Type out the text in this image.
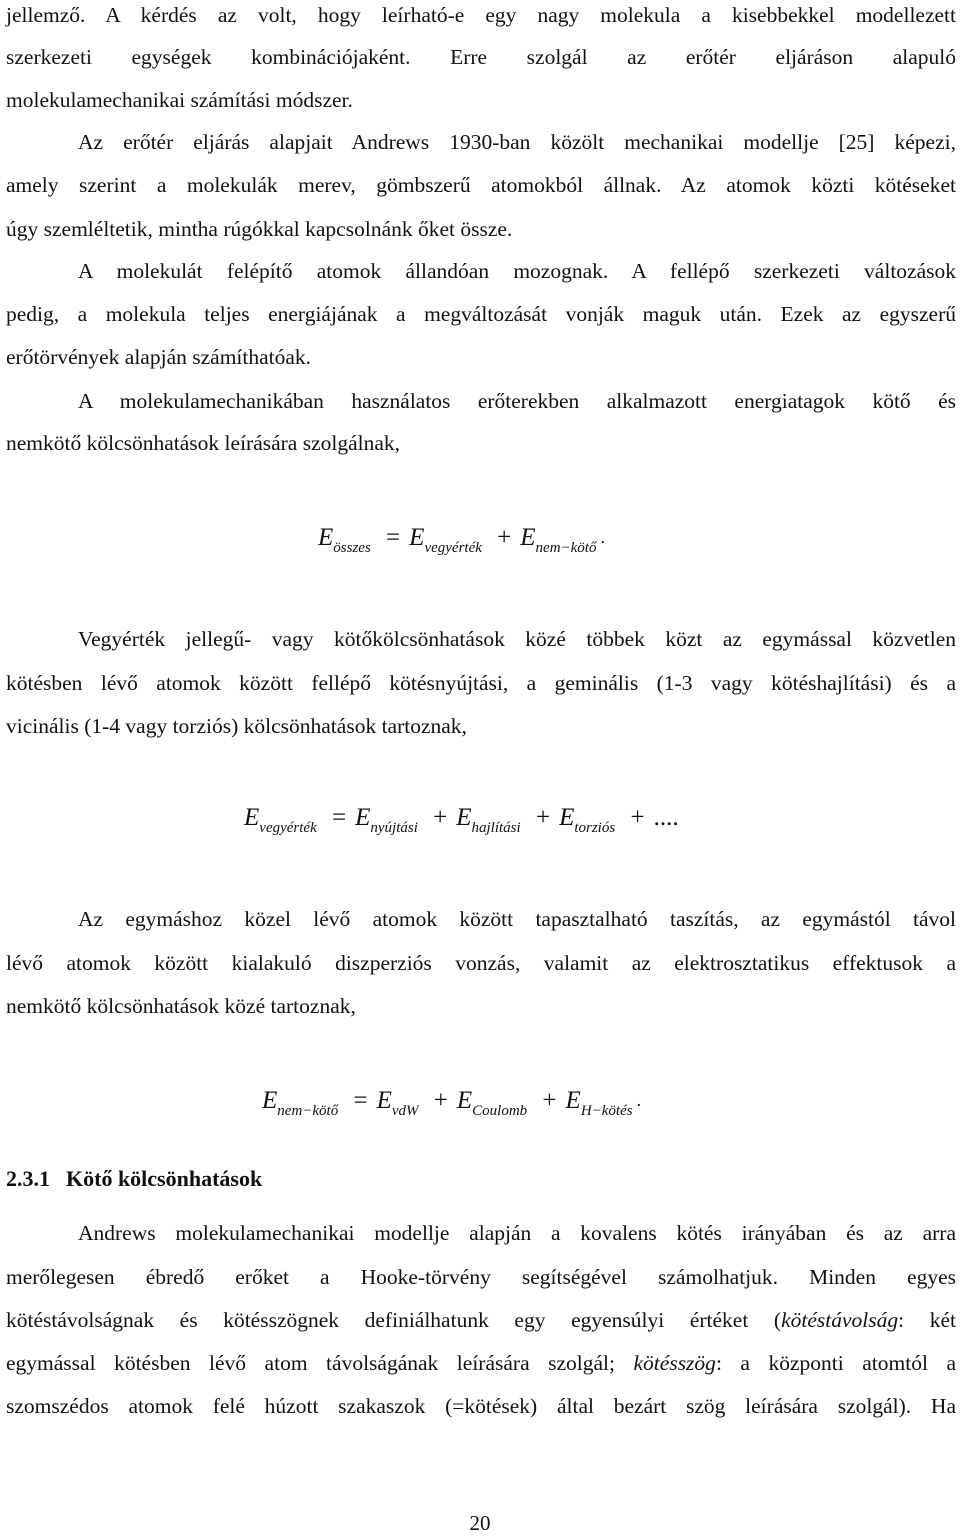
jellemző. A kérdés az volt, hogy leírható-e egy nagy molekula a kisebbekkel modellezett
szerkezeti egységek kombinációjaként. Erre szolgál az erőtér eljáráson alapuló
molekulamechanikai számítási módszer.
Az erőtér eljárás alapjait Andrews 1930-ban közölt mechanikai modellje [25] képezi,
amely szerint a molekulák merev, gömbszerű atomokból állnak. Az atomok közti kötéseket
úgy szemléltetik, mintha rúgókkal kapcsolnánk őket össze.
A molekulát felépítő atomok állandóan mozognak. A fellépő szerkezeti változások
pedig, a molekula teljes energiájának a megváltozását vonják maguk után. Ezek az egyszerű
erőtörvények alapján számíthatóak.
A molekulamechanikában használatos erőterekben alkalmazott energiatagok kötő és
nemkötő kölcsönhatások leírására szolgálnak,
$E_{összes} = E_{vegyérték} + E_{nem-kötő}$.
Vegyérték jellegű- vagy kötőkölcsönhatások közé többek közt az egymással közvetlen
kötésben lévő atomok között fellépő kötésnyújtási, a geminális (1-3 vagy kötéshajlítási) és a
vicinális (1-4 vagy torziós) kölcsönhatások tartoznak,
$E_{vegyérték} = E_{nyújtási} + E_{hajlítási} + E_{torziós}$ + ....
Az egymáshoz közel lévő atomok között tapasztalható taszítás, az egymástól távol
lévő atomok között kialakuló diszperziós vonzás, valamit az elektrosztatikus effektusok a
nemkötő kölcsönhatások közé tartoznak,
$E_{nem-kötő} = E_{vdW} + E_{Coulomb} + E_{H-kötés}$.
2.3.1 Kötő kölcsönhatások
Andrews molekulamechanikai modellje alapján a kovalens kötés irányában és az arra
merőlegesen ébredő erőket a Hooke-törvény segítségével számolhatjuk. Minden egyes
kötéstávolságnak és kötésszögnek definiálhatunk egy egyensúlyi értéket (kötéstávolság: két
egymással kötésben lévő atom távolságának leírására szolgál; kötésszög: a központi atomtól a
szomszédos atomok felé húzott szakaszok (=kötések) által bezárt szög leírására szolgál). Ha
20
